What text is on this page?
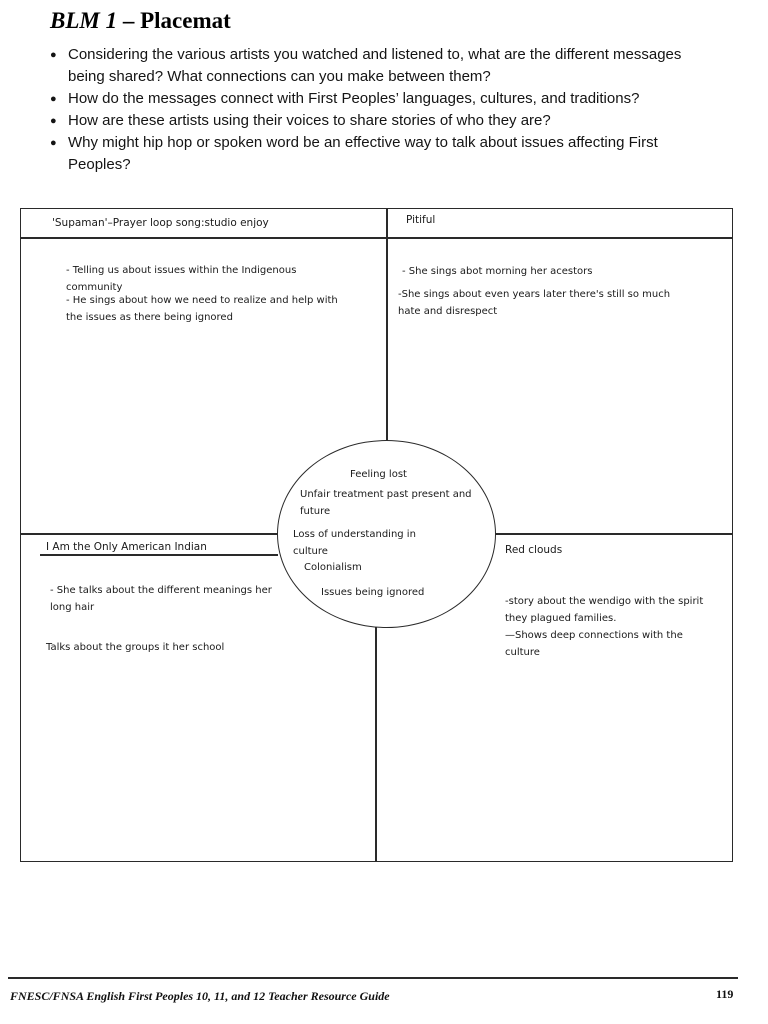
BLM 1 – Placemat
● Considering the various artists you watched and listened to, what are the different messages being shared? What connections can you make between them?
● How do the messages connect with First Peoples’ languages, cultures, and traditions?
● How are these artists using their voices to share stories of who they are?
● Why might hip hop or spoken word be an effective way to talk about issues affecting First Peoples?
'Supaman'–Prayer loop song:studio enjoy
- Telling us about issues within the Indigenous community
- He sings about how we need to realize and help with the issues as there being ignored
Pitiful
- She sings abot morning her acestors
-She sings about even years later there's still so much hate and disrespect
I Am the Only American Indian
- She talks about the different meanings her long hair
Talks about the groups it her school
Red clouds
-story about the wendigo with the spirit they plagued families.
—Shows deep connections with the culture
Feeling lost
Unfair treatment past present and future
Loss of understanding in culture
Colonialism
Issues being ignored
FNESC/FNSA English First Peoples 10, 11, and 12 Teacher Resource Guide	119
